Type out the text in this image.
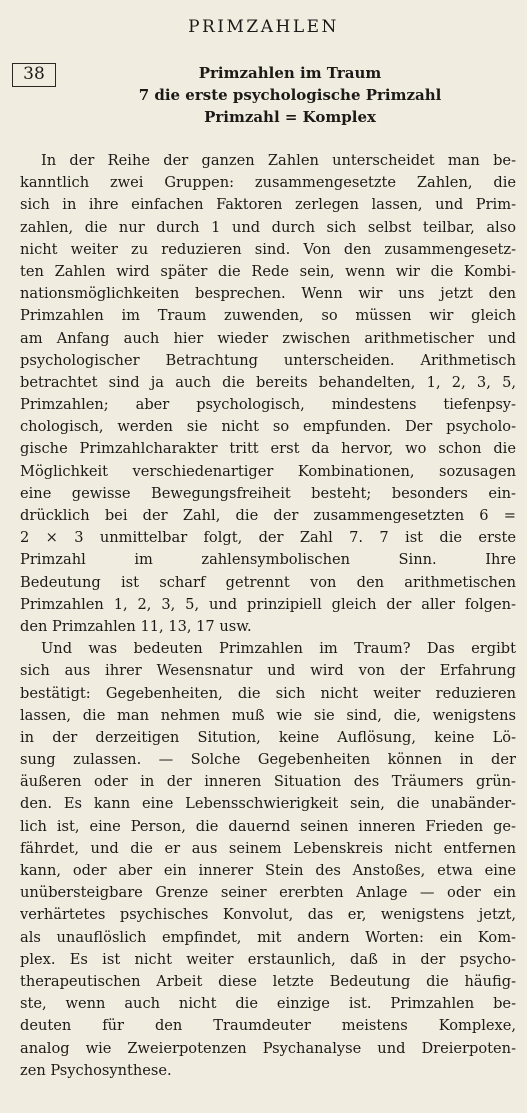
PRIMZAHLEN
38	Primzahlen im Traum
7 die erste psychologische Primzahl
Primzahl = Komplex
In der Reihe der ganzen Zahlen unterscheidet man be-
kanntlich zwei Gruppen: zusammengesetzte Zahlen, die
sich in ihre einfachen Faktoren zerlegen lassen, und Prim-
zahlen, die nur durch 1 und durch sich selbst teilbar, also
nicht weiter zu reduzieren sind. Von den zusammengesetz-
ten Zahlen wird später die Rede sein, wenn wir die Kombi-
nationsmöglichkeiten besprechen. Wenn wir uns jetzt den
Primzahlen im Traum zuwenden, so müssen wir gleich
am Anfang auch hier wieder zwischen arithmetischer und
psychologischer Betrachtung unterscheiden. Arithmetisch
betrachtet sind ja auch die bereits behandelten, 1, 2, 3, 5,
Primzahlen; aber psychologisch, mindestens tiefenpsy-
chologisch, werden sie nicht so empfunden. Der psycholo-
gische Primzahlcharakter tritt erst da hervor, wo schon die
Möglichkeit verschiedenartiger Kombinationen, sozusagen
eine gewisse Bewegungsfreiheit besteht; besonders ein-
drücklich bei der Zahl, die der zusammengesetzten 6 =
2 × 3 unmittelbar folgt, der Zahl 7. 7 ist die erste
Primzahl im zahlensymbolischen Sinn. Ihre
Bedeutung ist scharf getrennt von den arithmetischen
Primzahlen 1, 2, 3, 5, und prinzipiell gleich der aller folgen-
den Primzahlen 11, 13, 17 usw.
Und was bedeuten Primzahlen im Traum? Das ergibt
sich aus ihrer Wesensnatur und wird von der Erfahrung
bestätigt: Gegebenheiten, die sich nicht weiter reduzieren
lassen, die man nehmen muß wie sie sind, die, wenigstens
in der derzeitigen Sitution, keine Auflösung, keine Lö-
sung zulassen. — Solche Gegebenheiten können in der
äußeren oder in der inneren Situation des Träumers grün-
den. Es kann eine Lebensschwierigkeit sein, die unabänder-
lich ist, eine Person, die dauernd seinen inneren Frieden ge-
fährdet, und die er aus seinem Lebenskreis nicht entfernen
kann, oder aber ein innerer Stein des Anstoßes, etwa eine
unübersteigbare Grenze seiner ererbten Anlage — oder ein
verhärtetes psychisches Konvolut, das er, wenigstens jetzt,
als unauflöslich empfindet, mit andern Worten: ein Kom-
plex. Es ist nicht weiter erstaunlich, daß in der psycho-
therapeutischen Arbeit diese letzte Bedeutung die häufig-
ste, wenn auch nicht die einzige ist. Primzahlen be-
deuten für den Traumdeuter meistens Komplexe,
analog wie Zweierpotenzen Psychanalyse und Dreierpoten-
zen Psychosynthese.
